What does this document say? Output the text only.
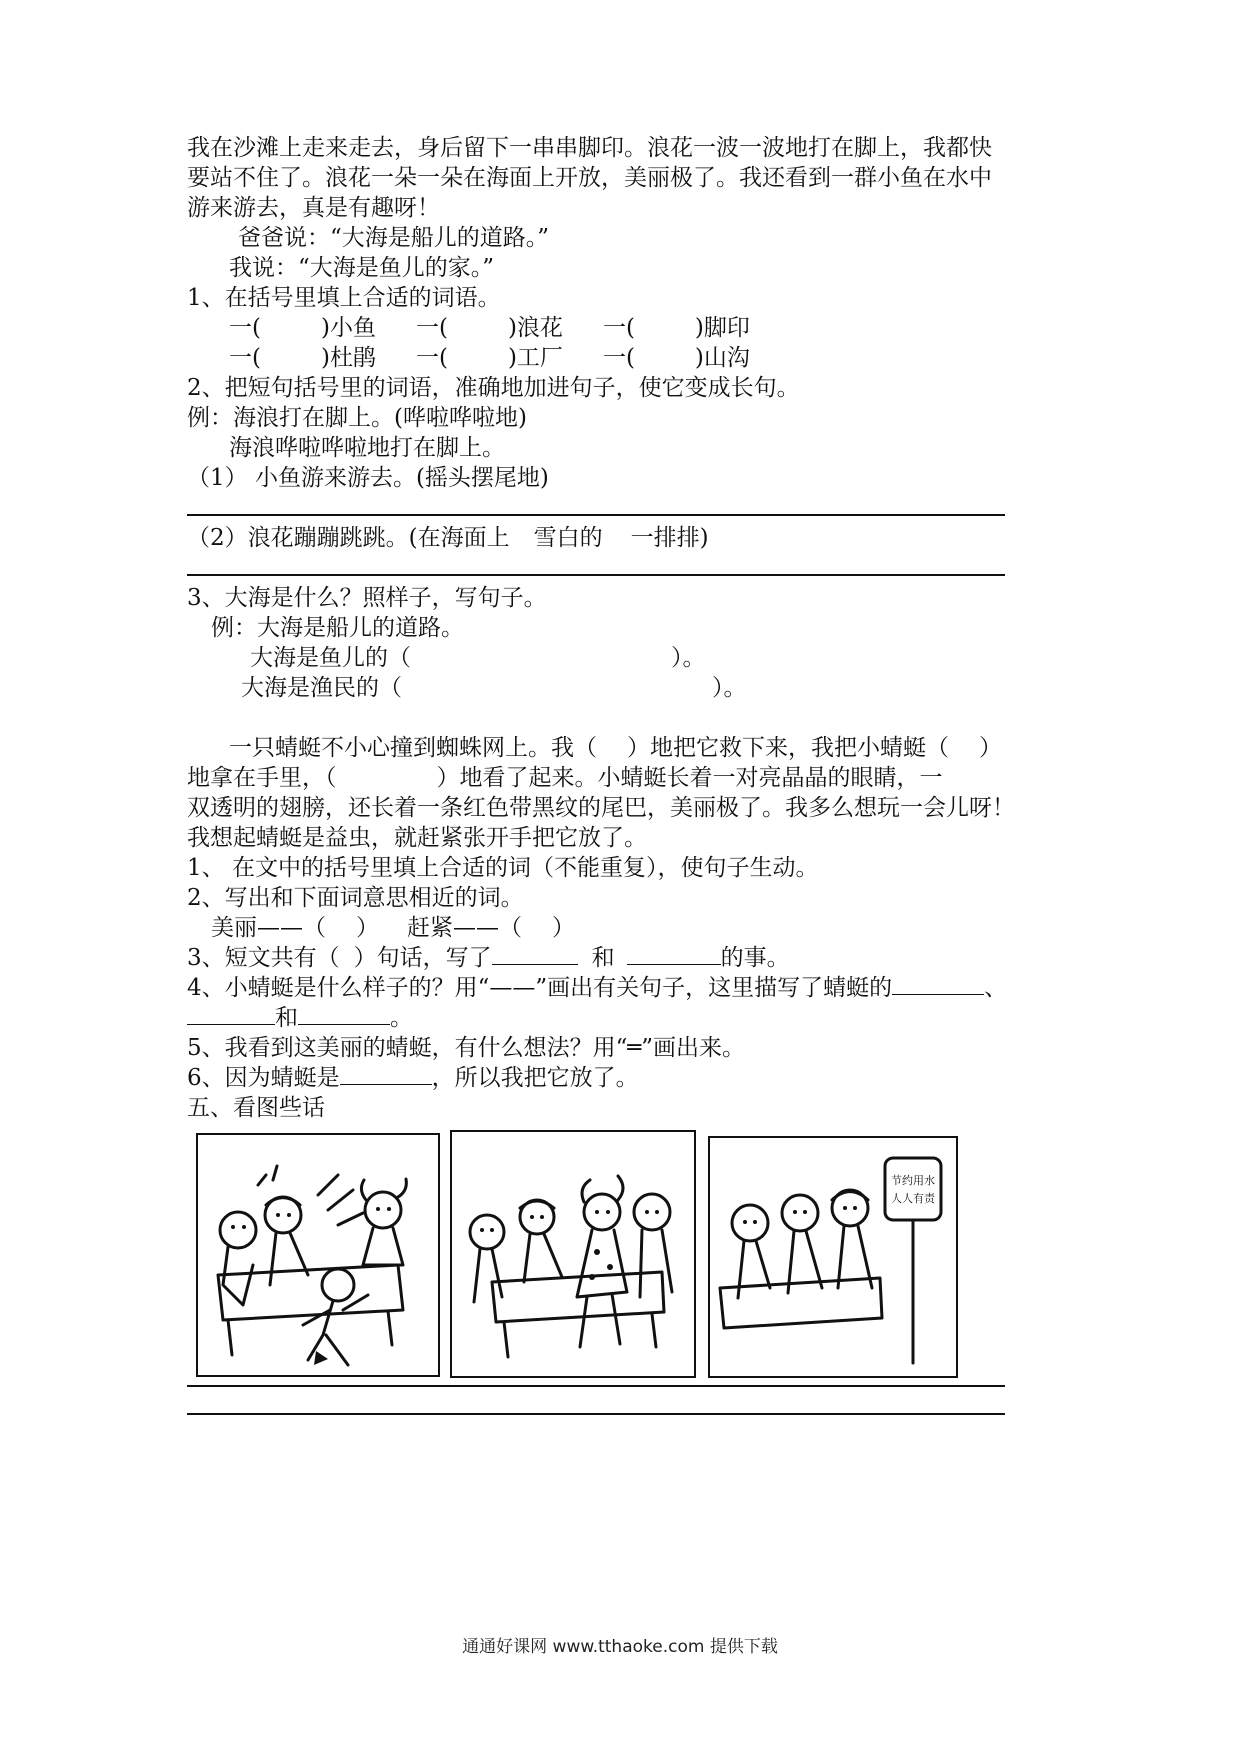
我在沙滩上走来走去，身后留下一串串脚印。浪花一波一波地打在脚上，我都快
要站不住了。浪花一朵一朵在海面上开放，美丽极了。我还看到一群小鱼在水中
游来游去，真是有趣呀！
爸爸说：“大海是船儿的道路。”
我说：“大海是鱼儿的家。”
1、在括号里填上合适的词语。
一(	)小鱼 一(	)浪花 一(	)脚印
一(	)杜鹃 一(	)工厂 一(	)山沟
2、把短句括号里的词语，准确地加进句子，使它变成长句。
例：海浪打在脚上。(哗啦哗啦地)
海浪哗啦哗啦地打在脚上。
（1） 小鱼游来游去。(摇头摆尾地)
（2）浪花蹦蹦跳跳。(在海面上 雪白的 一排排)
3、大海是什么？照样子，写句子。
例：大海是船儿的道路。
大海是鱼儿的（	）。
大海是渔民的（	）。
一只蜻蜓不小心撞到蜘蛛网上。我（ ）地把它救下来，我把小蜻蜓（ ）
地拿在手里，（	）地看了起来。小蜻蜓长着一对亮晶晶的眼睛，一
双透明的翅膀，还长着一条红色带黑纹的尾巴，美丽极了。我多么想玩一会儿呀！
我想起蜻蜓是益虫，就赶紧张开手把它放了。
1、 在文中的括号里填上合适的词（不能重复），使句子生动。
2、写出和下面词意思相近的词。
美丽——（ ） 赶紧——（ ）
3、短文共有（ ）句话，写了	和	的事。
4、小蜻蜓是什么样子的？用“——”画出有关句子，这里描写了蜻蜓的	、
和	。
5、我看到这美丽的蜻蜓，有什么想法？用“═”画出来。
6、因为蜻蜓是	，所以我把它放了。
五、看图些话
节约用水
人人有责
通通好课网 www.tthaoke.com 提供下载
